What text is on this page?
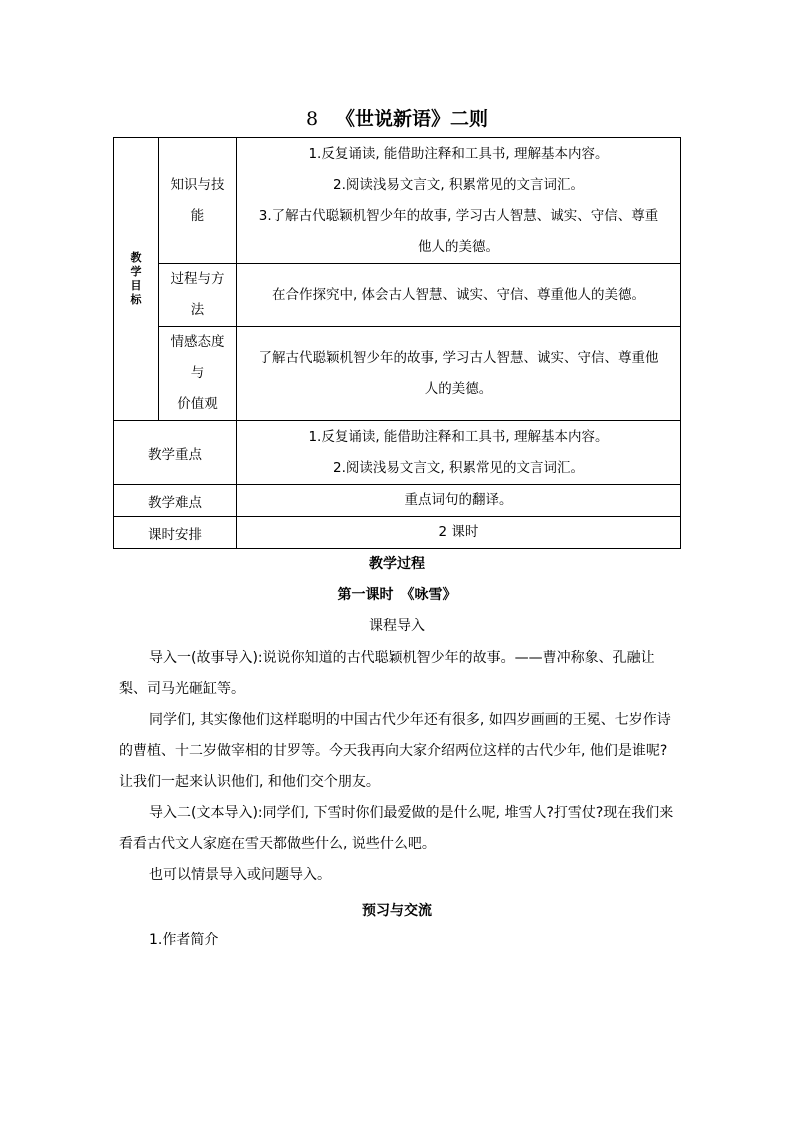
8 《世说新语》二则
教
学
目
标	知识与技
能	1.反复诵读, 能借助注释和工具书, 理解基本内容。
2.阅读浅易文言文, 积累常见的文言词汇。
3.了解古代聪颖机智少年的故事, 学习古人智慧、诚实、守信、尊重
他人的美德。

	过程与方
法	在合作探究中, 体会古人智慧、诚实、守信、尊重他人的美德。

	情感态度
与
价值观	了解古代聪颖机智少年的故事, 学习古人智慧、诚实、守信、尊重他
人的美德。

教学重点		1.反复诵读, 能借助注释和工具书, 理解基本内容。
2.阅读浅易文言文, 积累常见的文言词汇。

教学难点		重点词句的翻译。
课时安排		2 课时
教学过程
第一课时　《咏雪》
课程导入

导入一(故事导入):说说你知道的古代聪颖机智少年的故事。——曹冲称象、孔融让梨、司马光砸缸等。

同学们, 其实像他们这样聪明的中国古代少年还有很多, 如四岁画画的王冕、七岁作诗的曹植、十二岁做宰相的甘罗等。今天我再向大家介绍两位这样的古代少年, 他们是谁呢?让我们一起来认识他们, 和他们交个朋友。

导入二(文本导入):同学们, 下雪时你们最爱做的是什么呢, 堆雪人?打雪仗?现在我们来看看古代文人家庭在雪天都做些什么, 说些什么吧。

也可以情景导入或问题导入。

预习与交流

1.作者简介
